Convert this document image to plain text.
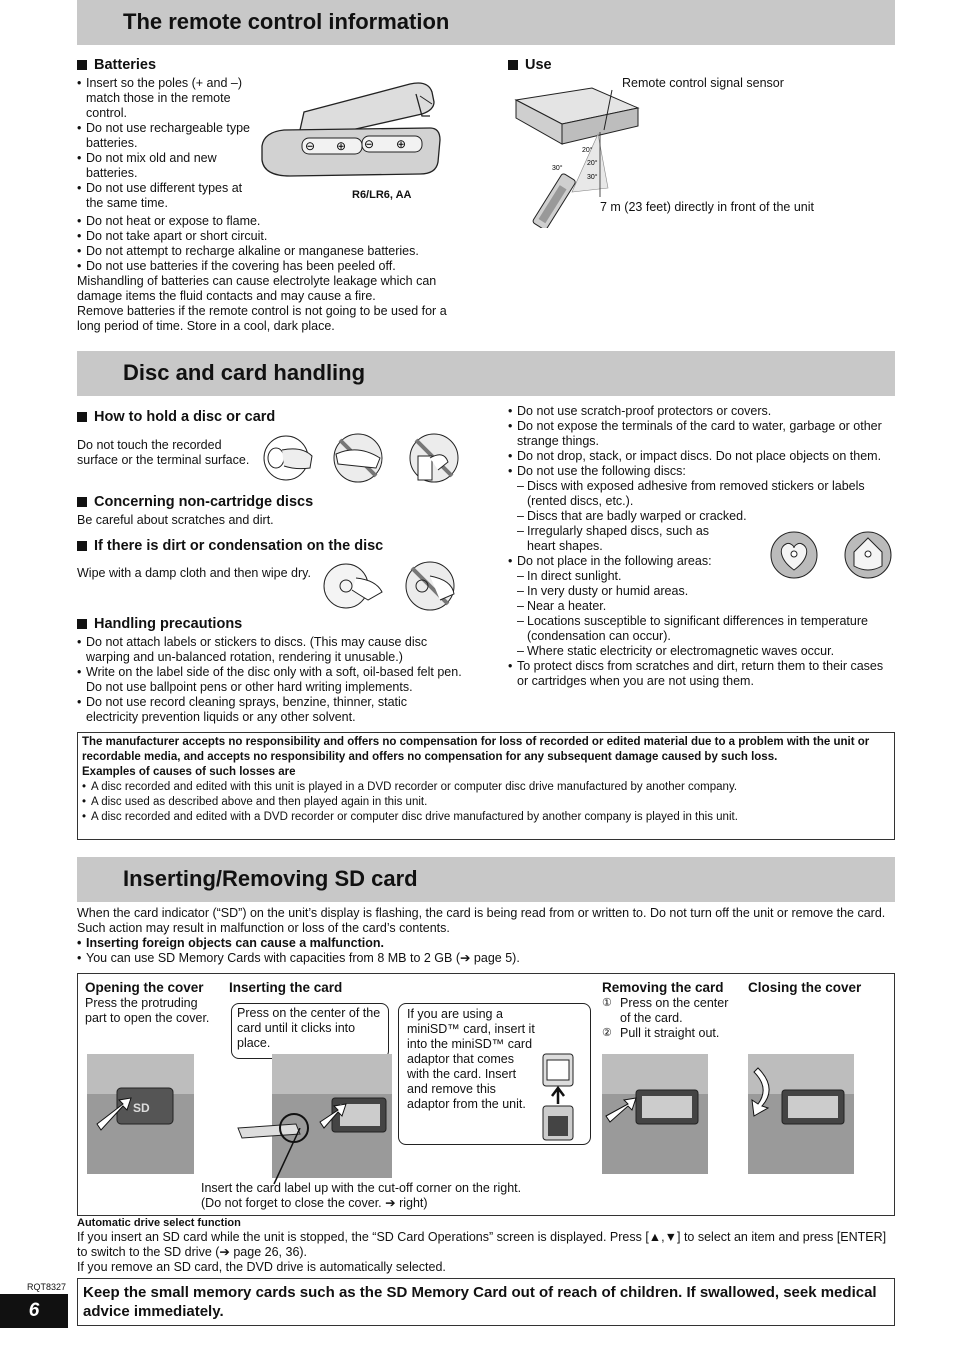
The remote control information
Batteries
• Insert so the poles (+ and –) match those in the remote control.
• Do not use rechargeable type batteries.
• Do not mix old and new batteries.
• Do not use different types at the same time.
• Do not heat or expose to flame.
• Do not take apart or short circuit.
• Do not attempt to recharge alkaline or manganese batteries.
• Do not use batteries if the covering has been peeled off.

Mishandling of batteries can cause electrolyte leakage which can damage items the fluid contacts and may cause a fire.

Remove batteries if the remote control is not going to be used for a long period of time. Store in a cool, dark place.

⊖ ⊕ ⊖ ⊕
R6/LR6, AA
Use
Remote control signal sensor
7 m (23 feet) directly in front of the unit
20°
30°
20°
30°
Disc and card handling
How to hold a disc or card

Do not touch the recorded surface or the terminal surface.

Concerning non-cartridge discs

Be careful about scratches and dirt.

If there is dirt or condensation on the disc

Wipe with a damp cloth and then wipe dry.

Handling precautions
• Do not attach labels or stickers to discs. (This may cause disc warping and un-balanced rotation, rendering it unusable.)
• Write on the label side of the disc only with a soft, oil-based felt pen. Do not use ballpoint pens or other hard writing implements.
• Do not use record cleaning sprays, benzine, thinner, static electricity prevention liquids or any other solvent.
• Do not use scratch-proof protectors or covers.
• Do not expose the terminals of the card to water, garbage or other strange things.
• Do not drop, stack, or impact discs. Do not place objects on them.
• Do not use the following discs:
– Discs with exposed adhesive from removed stickers or labels (rented discs, etc.).
– Discs that are badly warped or cracked.
– Irregularly shaped discs, such as heart shapes.
• Do not place in the following areas:
– In direct sunlight.
– In very dusty or humid areas.
– Near a heater.
– Locations susceptible to significant differences in temperature (condensation can occur).
– Where static electricity or electromagnetic waves occur.
• To protect discs from scratches and dirt, return them to their cases or cartridges when you are not using them.

The manufacturer accepts no responsibility and offers no compensation for loss of recorded or edited material due to a problem with the unit or recordable media, and accepts no responsibility and offers no compensation for any subsequent damage caused by such loss.

Examples of causes of such losses are

• A disc recorded and edited with this unit is played in a DVD recorder or computer disc drive manufactured by another company.
• A disc used as described above and then played again in this unit.
• A disc recorded and edited with a DVD recorder or computer disc drive manufactured by another company is played in this unit.
Inserting/Removing SD card

When the card indicator (“SD”) on the unit’s display is flashing, the card is being read from or written to. Do not turn off the unit or remove the card. Such action may result in malfunction or loss of the card’s contents.

• Inserting foreign objects can cause a malfunction.
• You can use SD Memory Cards with capacities from 8 MB to 2 GB (➔ page 5).
Opening the cover

Press the protruding part to open the cover.

Inserting the card
Press on the center of the card until it clicks into place.

If you are using a miniSD™ card, insert it into the miniSD™ card adaptor that comes with the card. Insert and remove this adaptor from the unit.

SD
Removing the card
① Press on the center of the card.
② Pull it straight out.
Closing the cover

Insert the card label up with the cut-off corner on the right.
(Do not forget to close the cover. ➔ right)

Automatic drive select function

If you insert an SD card while the unit is stopped, the “SD Card Operations” screen is displayed. Press [▲,▼] to select an item and press [ENTER] to switch to the SD drive (➔ page 26, 36).

If you remove an SD card, the DVD drive is automatically selected.

RQT8327
6

Keep the small memory cards such as the SD Memory Card out of reach of children. If swallowed, seek medical advice immediately.
